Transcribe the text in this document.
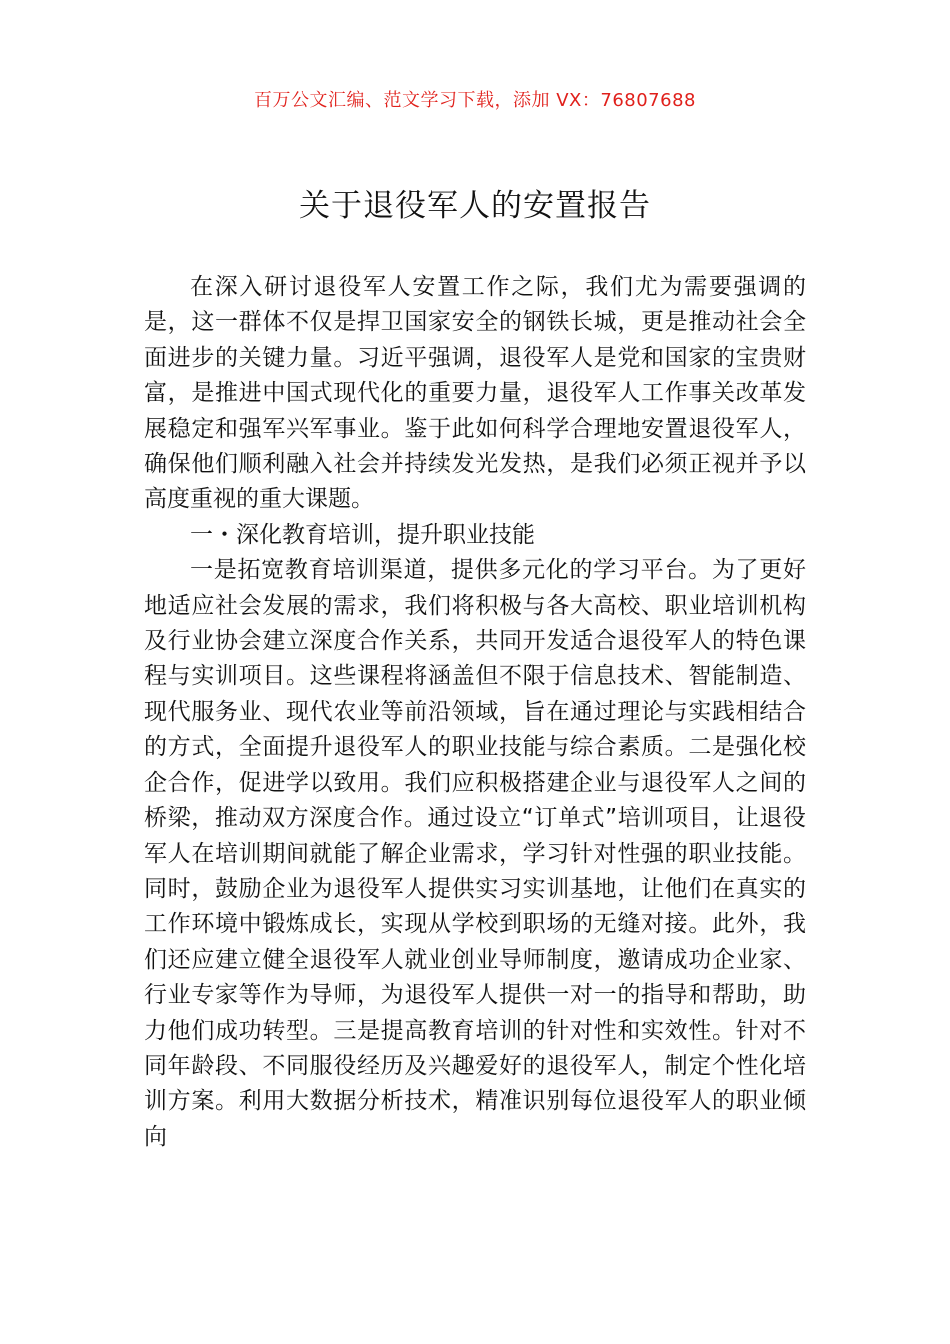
百万公文汇编、范文学习下载，添加 VX：76807688
关于退役军人的安置报告

在深入研讨退役军人安置工作之际，我们尤为需要强调的是，这一群体不仅是捍卫国家安全的钢铁长城，更是推动社会全面进步的关键力量。习近平强调，退役军人是党和国家的宝贵财富，是推进中国式现代化的重要力量，退役军人工作事关改革发展稳定和强军兴军事业。鉴于此如何科学合理地安置退役军人，确保他们顺利融入社会并持续发光发热，是我们必须正视并予以高度重视的重大课题。

一・深化教育培训，提升职业技能

一是拓宽教育培训渠道，提供多元化的学习平台。为了更好地适应社会发展的需求，我们将积极与各大高校、职业培训机构及行业协会建立深度合作关系，共同开发适合退役军人的特色课程与实训项目。这些课程将涵盖但不限于信息技术、智能制造、现代服务业、现代农业等前沿领域，旨在通过理论与实践相结合的方式，全面提升退役军人的职业技能与综合素质。二是强化校企合作，促进学以致用。我们应积极搭建企业与退役军人之间的桥梁，推动双方深度合作。通过设立“订单式”培训项目，让退役军人在培训期间就能了解企业需求，学习针对性强的职业技能。同时，鼓励企业为退役军人提供实习实训基地，让他们在真实的工作环境中锻炼成长，实现从学校到职场的无缝对接。此外，我们还应建立健全退役军人就业创业导师制度，邀请成功企业家、行业专家等作为导师，为退役军人提供一对一的指导和帮助，助力他们成功转型。三是提高教育培训的针对性和实效性。针对不同年龄段、不同服役经历及兴趣爱好的退役军人，制定个性化培训方案。利用大数据分析技术，精准识别每位退役军人的职业倾向
